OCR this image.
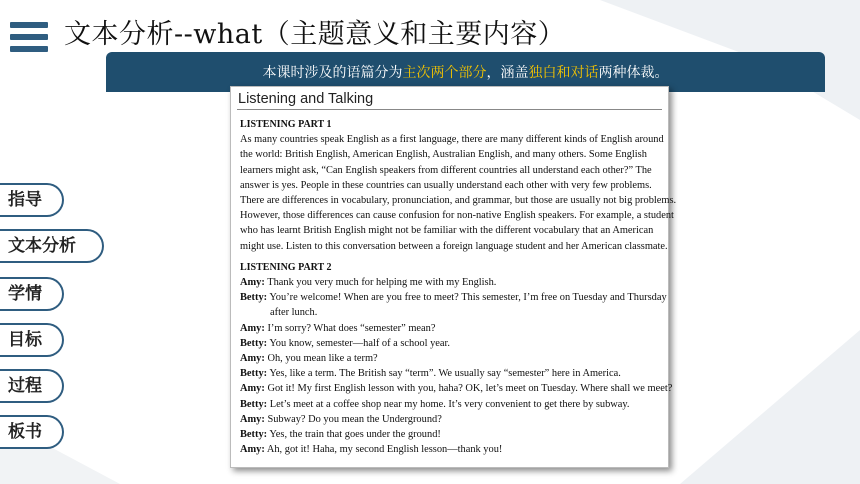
文本分析--what（主题意义和主要内容）
本课时涉及的语篇分为主次两个部分，涵盖独白和对话两种体裁。
指导
文本分析
学情
目标
过程
板书
Listening and Talking
LISTENING PART 1
As many countries speak English as a first language, there are many different kinds of English around
the world: British English, American English, Australian English, and many others. Some English
learners might ask, “Can English speakers from different countries all understand each other?” The
answer is yes. People in these countries can usually understand each other with very few problems.
There are differences in vocabulary, pronunciation, and grammar, but those are usually not big problems.
However, those differences can cause confusion for non-native English speakers. For example, a student
who has learnt British English might not be familiar with the different vocabulary that an American
might use. Listen to this conversation between a foreign language student and her American classmate.
LISTENING PART 2
Amy: Thank you very much for helping me with my English.
Betty: You’re welcome! When are you free to meet? This semester, I’m free on Tuesday and Thursday
after lunch.
Amy: I’m sorry? What does “semester” mean?
Betty: You know, semester—half of a school year.
Amy: Oh, you mean like a term?
Betty: Yes, like a term. The British say “term”. We usually say “semester” here in America.
Amy: Got it! My first English lesson with you, haha? OK, let’s meet on Tuesday. Where shall we meet?
Betty: Let’s meet at a coffee shop near my home. It’s very convenient to get there by subway.
Amy: Subway? Do you mean the Underground?
Betty: Yes, the train that goes under the ground!
Amy: Ah, got it! Haha, my second English lesson—thank you!
